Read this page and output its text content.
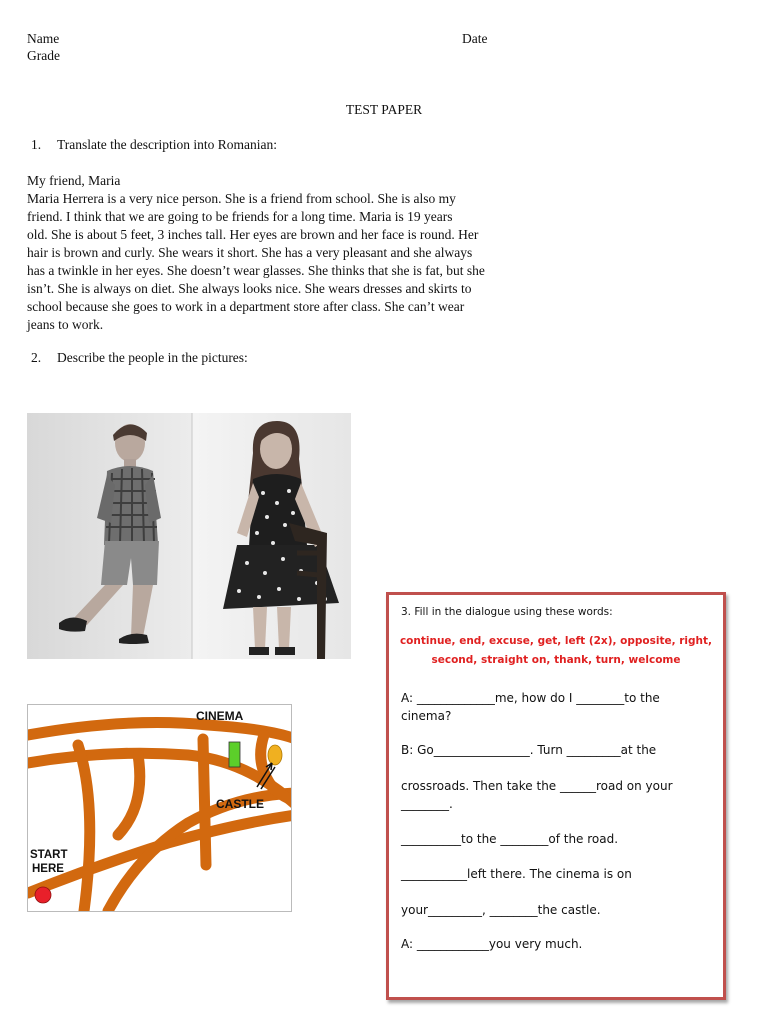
Name
Grade
Date
TEST PAPER
1. Translate the description into Romanian:
My friend, Maria
Maria Herrera is a very nice person. She is a friend from school. She is also my
friend. I think that we are going to be friends for a long time. Maria is 19 years
old. She is about 5 feet, 3 inches tall. Her eyes are brown and her face is round. Her
hair is brown and curly. She wears it short. She has a very pleasant and she always
has a twinkle in her eyes. She doesn’t wear glasses. She thinks that she is fat, but she
isn’t. She is always on diet. She always looks nice. She wears dresses and skirts to
school because she goes to work in a department store after class. She can’t wear
jeans to work.
2. Describe the people in the pictures:
CINEMA
CASTLE
START
HERE
3. Fill in the dialogue using these words:
continue, end, excuse, get, left (2x), opposite, right,
second, straight on, thank, turn, welcome
A: _____________me, how do I ________to the
cinema?
B: Go________________. Turn _________at the
crossroads. Then take the ______road on your
________.
__________to the ________of the road.
___________left there. The cinema is on
your_________, ________the castle.
A: ____________you very much.
